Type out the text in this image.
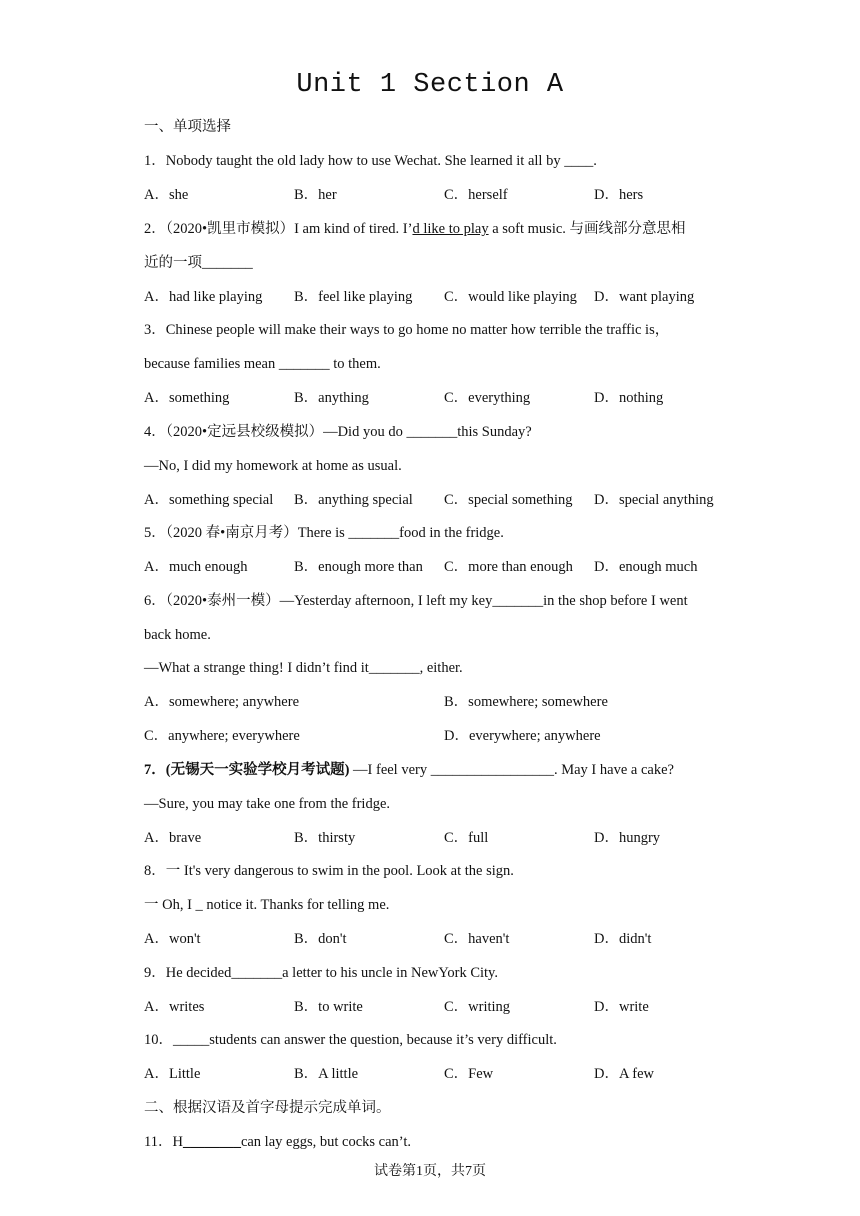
Unit 1 Section A
一、单项选择
1．Nobody taught the old lady how to use Wechat. She learned it all by ____.
A．she	B．her	C．herself	D．hers
2．（2020•凯里市模拟）I am kind of tired. I’d like to play a soft music. 与画线部分意思相
近的一项_______
A．had like playing B．feel like playing C．would like playing D．want playing
3．Chinese people will make their ways to go home no matter how terrible the traffic is，
because families mean _______ to them.
A．something	B．anything	C．everything	D．nothing
4．（2020•定远县校级模拟）—Did you do _______this Sunday?
—No, I did my homework at home as usual.
A．something special B．anything special C．special something D．special anything
5．（2020 春•南京月考）There is _______food in the fridge.
A．much enough	B．enough more than C．more than enough D．enough much
6．（2020•泰州一模）—Yesterday afternoon, I left my key_______in the shop before I went
back home.
—What a strange thing! I didn’t find it_______, either.
A．somewhere; anywhere	B．somewhere; somewhere
C．anywhere; everywhere	D．everywhere; anywhere
7．(无锡天一实验学校月考试题) —I feel very _________________. May I have a cake?
—Sure, you may take one from the fridge.
A．brave	B．thirsty	C．full	D．hungry
8．一 It's very dangerous to swim in the pool. Look at the sign.
一 Oh, I _ notice it. Thanks for telling me.
A．won't	B．don't	C．haven't	D．didn't
9．He decided_______a letter to his uncle in NewYork City.
A．writes	B．to write	C．writing	D．write
10．_____students can answer the question, because it’s very difficult.
A．Little	B．A little	C．Few	D．A few
二、根据汉语及首字母提示完成单词。
11．H________can lay eggs, but cocks can’t.
试卷第1页，共7页
